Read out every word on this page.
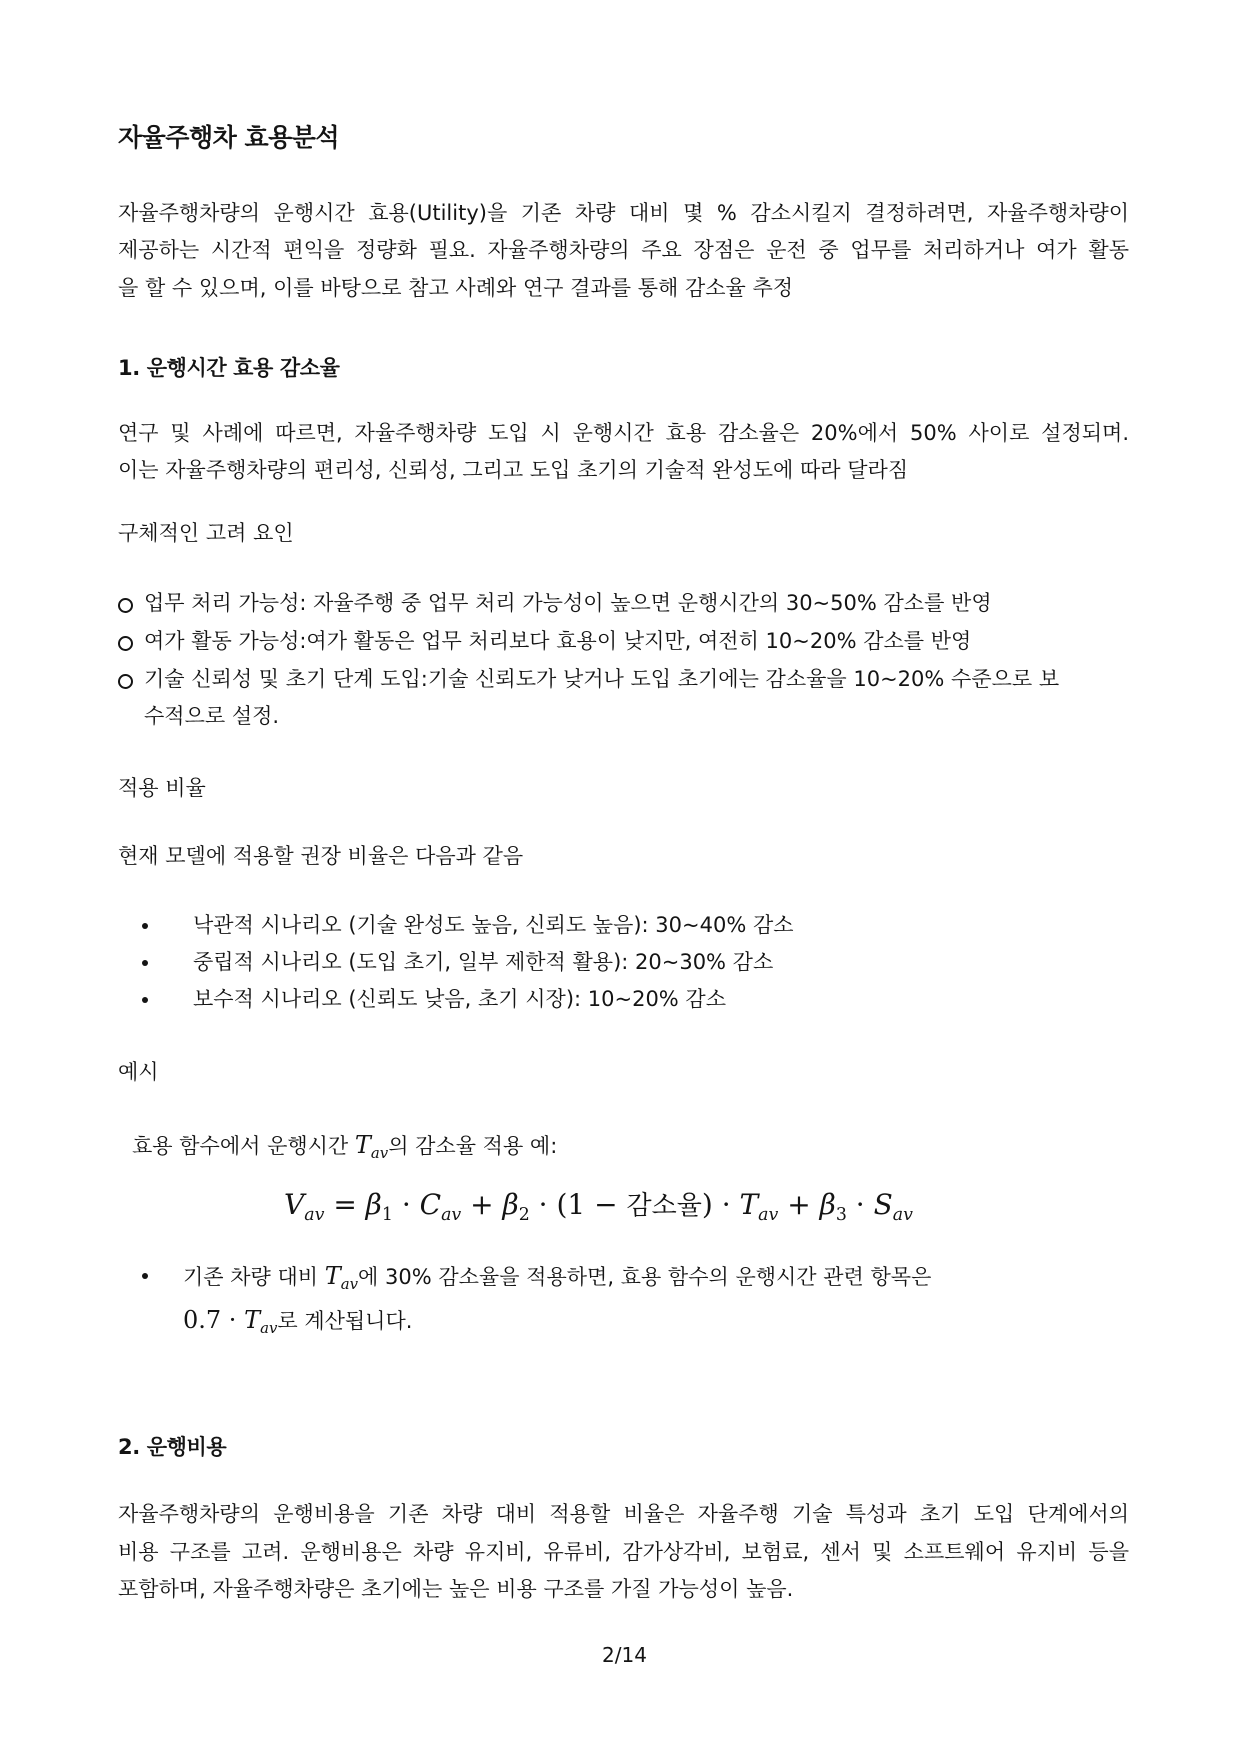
자율주행차 효용분석
자율주행차량의 운행시간 효용(Utility)을 기존 차량 대비 몇 % 감소시킬지 결정하려면, 자율주행차량이
제공하는 시간적 편익을 정량화 필요. 자율주행차량의 주요 장점은 운전 중 업무를 처리하거나 여가 활동
을 할 수 있으며, 이를 바탕으로 참고 사례와 연구 결과를 통해 감소율 추정
1. 운행시간 효용 감소율
연구 및 사례에 따르면, 자율주행차량 도입 시 운행시간 효용 감소율은 20%에서 50% 사이로 설정되며.
이는 자율주행차량의 편리성, 신뢰성, 그리고 도입 초기의 기술적 완성도에 따라 달라짐
구체적인 고려 요인
업무 처리 가능성: 자율주행 중 업무 처리 가능성이 높으면 운행시간의 30~50% 감소를 반영
여가 활동 가능성:여가 활동은 업무 처리보다 효용이 낮지만, 여전히 10~20% 감소를 반영
기술 신뢰성 및 초기 단계 도입:기술 신뢰도가 낮거나 도입 초기에는 감소율을 10~20% 수준으로 보
수적으로 설정.
적용 비율
현재 모델에 적용할 권장 비율은 다음과 같음
낙관적 시나리오 (기술 완성도 높음, 신뢰도 높음): 30~40% 감소
중립적 시나리오 (도입 초기, 일부 제한적 활용): 20~30% 감소
보수적 시나리오 (신뢰도 낮음, 초기 시장): 10~20% 감소
예시
효용 함수에서 운행시간 $T_{av}$의 감소율 적용 예:
$V_{av} = \beta_1 \cdot C_{av} + \beta_2 \cdot (1$ − 감소율) · $T_{av} + \beta_3 \cdot S_{av}$
기존 차량 대비 $T_{av}$에 30% 감소율을 적용하면, 효용 함수의 운행시간 관련 항목은
$0.7 \cdot T_{av}$로 계산됩니다.
2. 운행비용
자율주행차량의 운행비용을 기존 차량 대비 적용할 비율은 자율주행 기술 특성과 초기 도입 단계에서의
비용 구조를 고려. 운행비용은 차량 유지비, 유류비, 감가상각비, 보험료, 센서 및 소프트웨어 유지비 등을
포함하며, 자율주행차량은 초기에는 높은 비용 구조를 가질 가능성이 높음.
2/14
